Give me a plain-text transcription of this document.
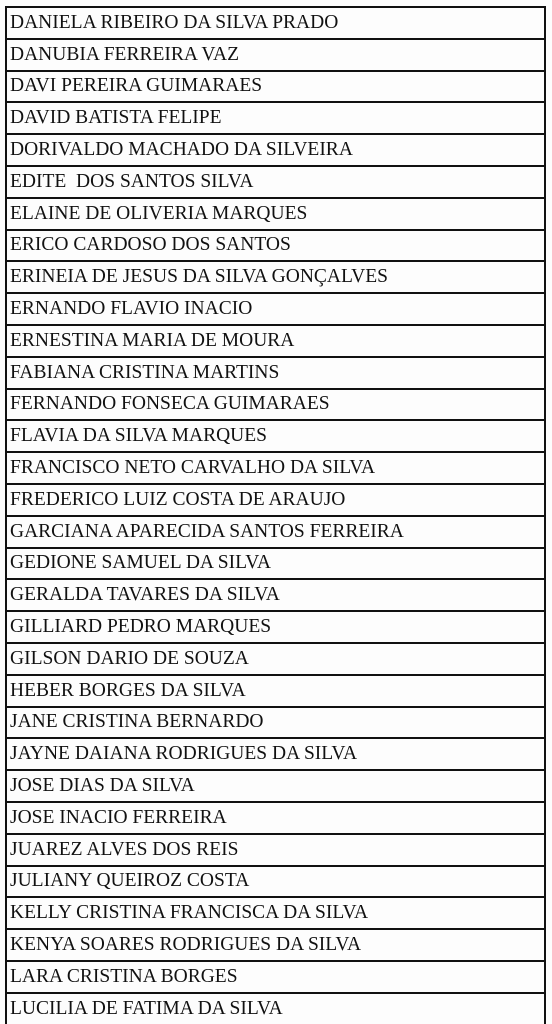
DANIELA RIBEIRO DA SILVA PRADO
DANUBIA FERREIRA VAZ
DAVI PEREIRA GUIMARAES
DAVID BATISTA FELIPE
DORIVALDO MACHADO DA SILVEIRA
EDITE  DOS SANTOS SILVA
ELAINE DE OLIVERIA MARQUES
ERICO CARDOSO DOS SANTOS
ERINEIA DE JESUS DA SILVA GONÇALVES
ERNANDO FLAVIO INACIO
ERNESTINA MARIA DE MOURA
FABIANA CRISTINA MARTINS
FERNANDO FONSECA GUIMARAES
FLAVIA DA SILVA MARQUES
FRANCISCO NETO CARVALHO DA SILVA
FREDERICO LUIZ COSTA DE ARAUJO
GARCIANA APARECIDA SANTOS FERREIRA
GEDIONE SAMUEL DA SILVA
GERALDA TAVARES DA SILVA
GILLIARD PEDRO MARQUES
GILSON DARIO DE SOUZA
HEBER BORGES DA SILVA
JANE CRISTINA BERNARDO
JAYNE DAIANA RODRIGUES DA SILVA
JOSE DIAS DA SILVA
JOSE INACIO FERREIRA
JUAREZ ALVES DOS REIS
JULIANY QUEIROZ COSTA
KELLY CRISTINA FRANCISCA DA SILVA
KENYA SOARES RODRIGUES DA SILVA
LARA CRISTINA BORGES
LUCILIA DE FATIMA DA SILVA
